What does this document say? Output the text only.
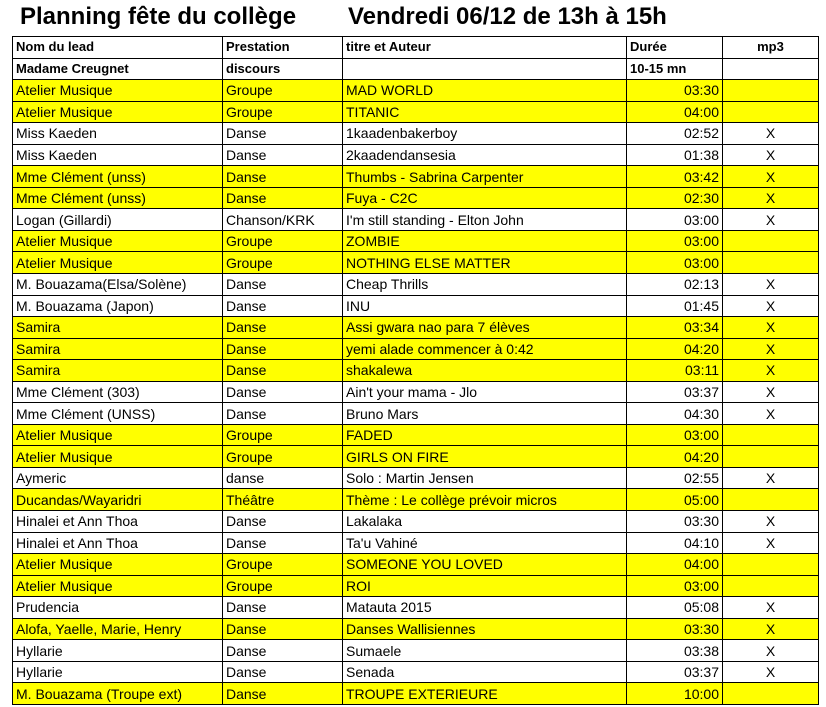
Planning fête du collège Vendredi 06/12 de 13h à 15h
Nom du lead	Prestation	titre et Auteur	Durée	mp3
Madame Creugnet	discours		10-15 mn	
Atelier Musique	Groupe	MAD WORLD	03:30	
Atelier Musique	Groupe	TITANIC	04:00	
Miss Kaeden	Danse	1kaadenbakerboy	02:52	X
Miss Kaeden	Danse	2kaadendansesia	01:38	X
Mme Clément (unss)	Danse	Thumbs - Sabrina Carpenter	03:42	X
Mme Clément (unss)	Danse	Fuya - C2C	02:30	X
Logan (Gillardi)	Chanson/KRK	I'm still standing - Elton John	03:00	X
Atelier Musique	Groupe	ZOMBIE	03:00	
Atelier Musique	Groupe	NOTHING ELSE MATTER	03:00	
M. Bouazama(Elsa/Solène)	Danse	Cheap Thrills	02:13	X
M. Bouazama (Japon)	Danse	INU	01:45	X
Samira	Danse	Assi gwara nao para 7 élèves	03:34	X
Samira	Danse	yemi alade commencer à 0:42	04:20	X
Samira	Danse	shakalewa	03:11	X
Mme Clément (303)	Danse	Ain't your mama - Jlo	03:37	X
Mme Clément (UNSS)	Danse	Bruno Mars	04:30	X
Atelier Musique	Groupe	FADED	03:00	
Atelier Musique	Groupe	GIRLS ON FIRE	04:20	
Aymeric	danse	Solo : Martin Jensen	02:55	X
Ducandas/Wayaridri	Théâtre	Thème : Le collège prévoir micros	05:00	
Hinalei et Ann Thoa	Danse	Lakalaka	03:30	X
Hinalei et Ann Thoa	Danse	Ta'u Vahiné	04:10	X
Atelier Musique	Groupe	SOMEONE YOU LOVED	04:00	
Atelier Musique	Groupe	ROI	03:00	
Prudencia	Danse	Matauta 2015	05:08	X
Alofa, Yaelle, Marie, Henry	Danse	Danses Wallisiennes	03:30	X
Hyllarie	Danse	Sumaele	03:38	X
Hyllarie	Danse	Senada	03:37	X
M. Bouazama (Troupe ext)	Danse	TROUPE EXTERIEURE	10:00	
